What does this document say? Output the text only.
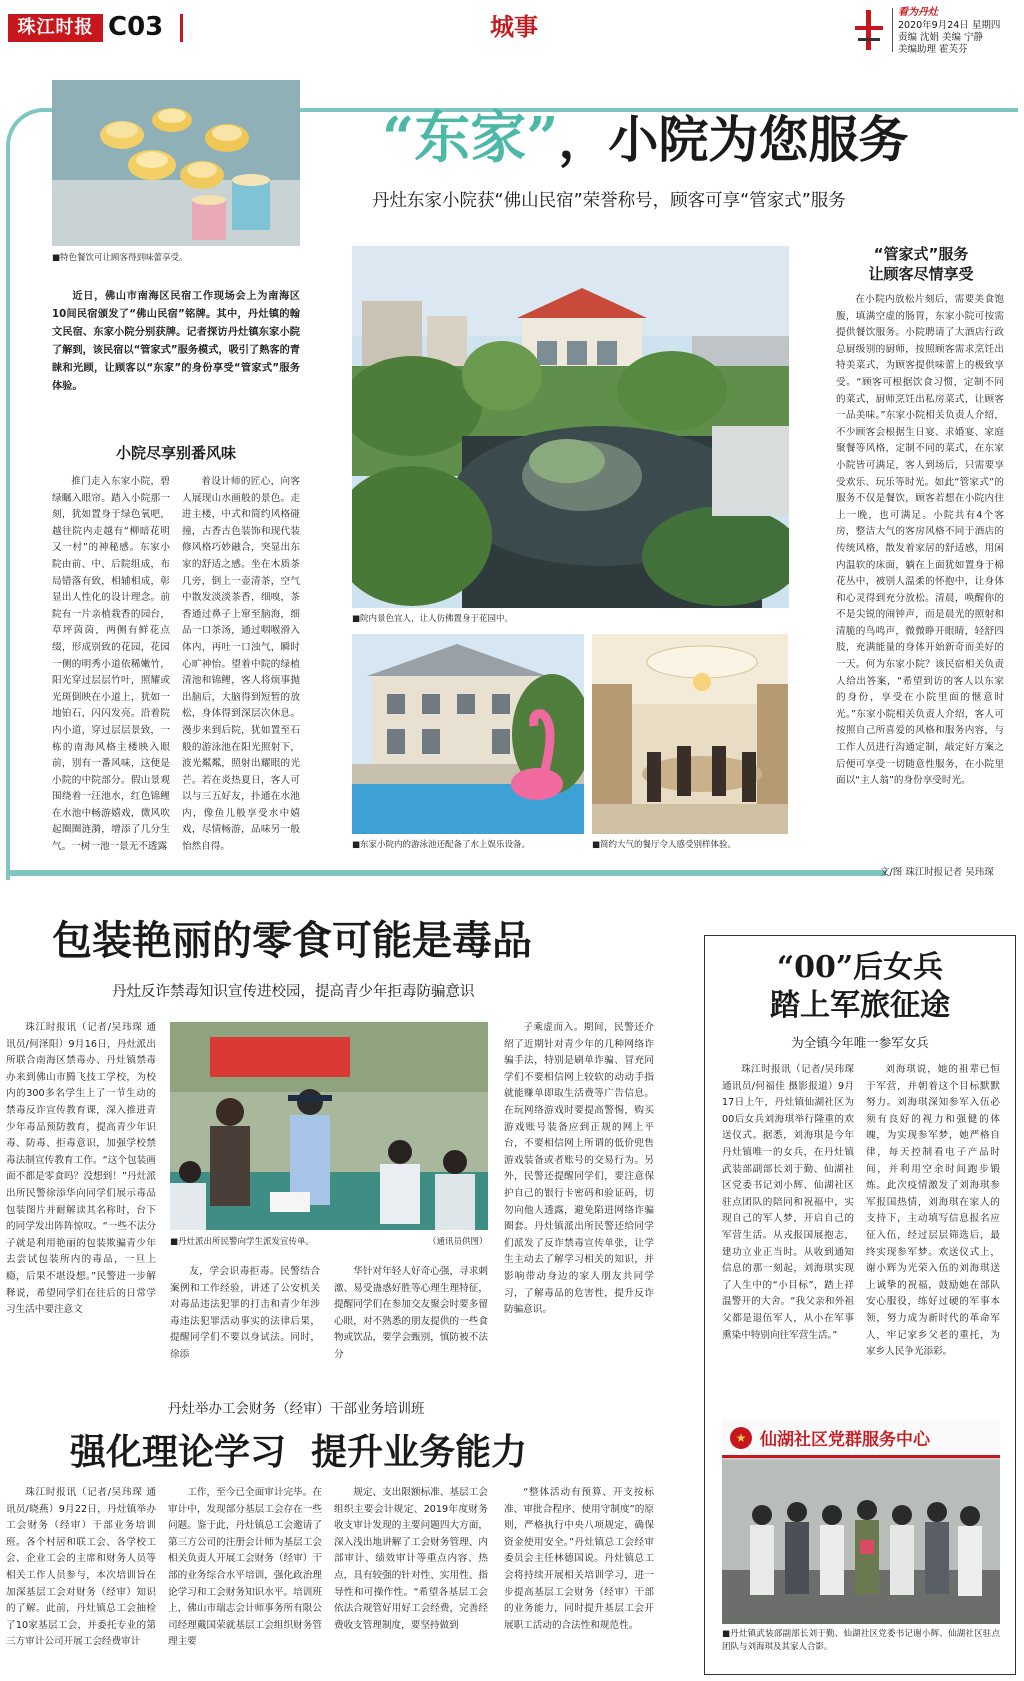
珠江时报 C03	城事
看为丹灶
2020年9月24日 星期四
责编 沈娟 美编 宁静
美编助理 霍芙芬
■特色餐饮可让顾客得到味蕾享受。
“东家”，小院为您服务
丹灶东家小院获“佛山民宿”荣誉称号，顾客可享“管家式”服务

近日，佛山市南海区民宿工作现场会上为南海区10间民宿颁发了“佛山民宿”铭牌。其中，丹灶镇的翰文民宿、东家小院分别获牌。记者探访丹灶镇东家小院了解到，该民宿以“管家式”服务模式，吸引了熟客的青睐和光顾，让顾客以“东家”的身份享受“管家式”服务体验。

小院尽享别番风味

推门走入东家小院，碧绿瞩入眼帘。踏入小院那一刻，犹如置身于绿色氧吧，越往院内走越有“柳暗花明又一村”的神秘感。东家小院由前、中、后院组成，布局错落有致，相辅相成，彰显出人性化的设计理念。前院有一片亲植栽香的园台，草坪茵茵，两侧有鲜花点缀，形成别致的花园，花园一侧的明秀小道依稀嫩竹，阳光穿过层层竹叶，照耀或光斑倒映在小道上，犹如一地铂石，闪闪发亮。沿着院内小道，穿过层层景致，一栋的南海风格主楼映入眼前，别有一番风味，这便是小院的中院部分。假山景观围绕着一汪池水，红色锦鲤在水池中畅游嬉戏，微风吹起圈圈涟漪，增添了几分生气。一树一池一景无不透露

着设计师的匠心，向客人展现山水画般的景色。走进主楼，中式和简约风格碰撞，古香古色装饰和现代装修风格巧妙融合，突显出东家的舒适之感。坐在木质茶几旁，倒上一壶清茶，空气中散发淡淡茶香，细嗅，茶香通过鼻子上窜至脑海，细品一口茶汤，通过咽喉滑入体内，再吐一口浊气，瞬时心旷神怡。望着中院的绿植清池和锦鲤，客人将烦事抛出脑后，大脑得到短暂的放松，身体得到深层次休息。漫步来到后院，犹如置至石般的游泳池在阳光照射下，波光粼粼，照射出耀眼的光芒。若在炎热夏日，客人可以与三五好友，扑通在水池内，像鱼儿般享受水中嬉戏，尽情畅游，品味另一般怡然自得。

■院内景色宜人，让人仿佛置身于花园中。
■东家小院内的游泳池还配备了水上娱乐设备。	■简约大气的餐厅令人感受别样体验。
“管家式”服务
让顾客尽情享受

在小院内放松片刻后，需要美食饱腹，填满空虚的肠胃，东家小院可按需提供餐饮服务。小院聘请了大酒店行政总厨级别的厨师，按照顾客需求烹饪出特美菜式，为顾客提供味蕾上的极致享受。“顾客可根据饮食习惯，定制不同的菜式，厨师烹饪出私房菜式，让顾客一品美味。”东家小院相关负责人介绍，不少顾客会根据生日宴、求婚宴、家庭聚餐等风格，定制不同的菜式，在东家小院皆可满足，客人到场后，只需要享受欢乐、玩乐等时光。如此“管家式”的服务不仅是餐饮，顾客若想在小院内住上一晚，也可满足。小院共有4个客房，整洁大气的客房风格不同于酒店的传统风格，散发着家居的舒适感，用闲内温软的床面，躺在上面犹如置身于棉花丛中，被别人温柔的怀抱中，让身体和心灵得到充分放松。清晨，唤醒你的不是尖锐的闹钟声，而是晨光的照射和清脆的鸟鸣声，微微睁开眼睛，轻舒四肢，充满能量的身体开始新奇而美好的一天。何为东家小院？该民宿相关负责人给出答案，“希望到访的客人以东家的身份，享受在小院里面的惬意时光。”东家小院相关负责人介绍，客人可按照自己所喜爱的风格和服务内容，与工作人员进行沟通定制，敲定好方案之后便可享受一切随意性服务，在小院里面以“主人翁”的身份享受时光。

文/图 珠江时报记者 吴玮琛
包装艳丽的零食可能是毒品
丹灶反诈禁毒知识宣传进校园，提高青少年拒毒防骗意识

珠江时报讯（记者/吴玮琛 通讯员/何泽阳）9月16日，丹灶派出所联合南海区禁毒办、丹灶镇禁毒办来到佛山市腾飞技工学校，为校内的300多名学生上了一节生动的禁毒反诈宣传教育课，深入推进青少年毒品预防教育，提高青少年识毒、防毒、拒毒意识，加强学校禁毒法制宣传教育工作。“这个包装画面不都是零食吗？没想到！”丹灶派出所民警徐添华向同学们展示毒品包装图片并耐解读其名称时，台下的同学发出阵阵惊叹。“一些不法分子就是利用艳丽的包装欺骗青少年去尝试包装所内的毒品，一旦上瘾，后果不堪设想。”民警进一步解释说，希望同学们在往后的日常学习生活中要注意文

■丹灶派出所民警向学生派发宣传单。	（通讯员供图）

友，学会识毒拒毒。民警结合案例和工作经验，讲述了公安机关对毒品违法犯罪的打击和青少年涉毒违法犯罪活动事实的法律后果，提醒同学们不要以身试法。同时，徐添

华针对年轻人好奇心强，寻求刺激、易受蛊惑好胜等心理生理特征，提醒同学们在参加交友聚会时要多留心眼，对不熟悉的朋友提供的一些食物或饮品，要学会甄别，慎防被不法分

子乘虚而入。期间，民警还介绍了近期针对青少年的几种网络诈骗手法，特别是刷单诈骗、冒充同学们不要相信网上较软的动动手指就能赚单即取生活费等广告信息。在玩网络游戏时要提高警惕，购买游戏账号装备应到正规的网上平台，不要相信网上所谓的低价兜售游戏装备或者账号的交易行为。另外，民警还提醒同学们，要注意保护自己的银行卡密码和验证码，切勿向他人透露，避免陷进网络诈骗圈套。丹灶镇派出所民警还给同学们派发了反诈禁毒宣传单张，让学生主动去了解学习相关的知识，并影响带动身边的家人朋友共同学习，了解毒品的危害性，提升反诈防骗意识。

丹灶举办工会财务（经审）干部业务培训班
强化理论学习  提升业务能力

珠江时报讯（记者/吴玮琛 通讯员/晓燕）9月22日，丹灶镇举办工会财务（经审）干部业务培训班。各个村居和联工会、各学校工会、企业工会的主席和财务人员等相关工作人员参与，本次培训旨在加深基层工会对财务（经审）知识的了解。此前，丹灶镇总工会抽检了10家基层工会，并委托专业的第三方审计公司开展工会经费审计

工作，至今已全面审计完毕。在审计中，发现部分基层工会存在一些问题。鉴于此，丹灶镇总工会邀请了第三方公司的注册会计师为基层工会相关负责人开展工会财务（经审）干部的业务综合水平培训，强化政治理论学习和工会财务知识水平。培训班上，佛山市瑞志会计师事务所有限公司经理戴国荣就基层工会组织财务管理主要

规定、支出限额标准、基层工会组织主要会计规定、2019年度财务收支审计发现的主要问题四大方面，深入浅出地讲解了工会财务管理、内部审计、绩效审计等重点内容、热点，具有较强的针对性、实用性、指导性和可操作性。“希望各基层工会依法合规管好用好工会经费，完善经费收支管理制度，要坚持做到

“整体活动有预算、开支按标准、审批合程序、使用守制度”的原则，严格执行中央八项规定，确保资金使用安全。”丹灶镇总工会经审委员会主任林德国说。丹灶镇总工会将持续开展相关培训学习，进一步提高基层工会财务（经审）干部的业务能力，同时提升基层工会开展职工活动的合法性和规范性。

“00”后女兵
踏上军旅征途
为全镇今年唯一参军女兵

珠江时报讯（记者/吴玮琛 通讯员/何福佳 摄影报道）9月17日上午，丹灶镇仙湖社区为00后女兵刘海琪举行隆重的欢送仪式。据悉，刘海琪是今年丹灶镇唯一的女兵，在丹灶镇武装部副部长刘于勤、仙湖社区党委书记刘小辉、仙湖社区驻点团队的陪同和祝福中，实现自己的军人梦，开启自己的军营生活。从戎报国展抱志，建功立业正当时。从收到通知信息的那一刻起，刘海琪实现了人生中的“小目标”，踏上祥温警开的大舍。“我父亲和外祖父都是退伍军人，从小在军事熏染中特别向往军营生活。”

刘海琪说，她的祖辈已恒于军营，并朝着这个目标默默努力。刘海琪深知参军入伍必须有良好的视力和强健的体魄，为实现参军梦，她严格自律，每天控制看电子产品时间，并利用空余时间跑步锻炼。此次疫情激发了刘海琪参军报国热情，刘海琪在家人的支持下，主动填写信息报名应征入伍，经过层层筛选后，最终实现参军梦。欢送仪式上，谢小辉为光荣入伍的刘海琪送上诚挚的祝福，鼓励她在部队安心服役，练好过硬的军事本领，努力成为新时代的革命军人，牢记家乡父老的重托，为家乡人民争光添彩。

★ 仙湖社区党群服务中心
■丹灶镇武装部副部长刘于勤、仙湖社区党委书记谢小辉、仙湖社区驻点团队与刘海琪及其家人合影。
